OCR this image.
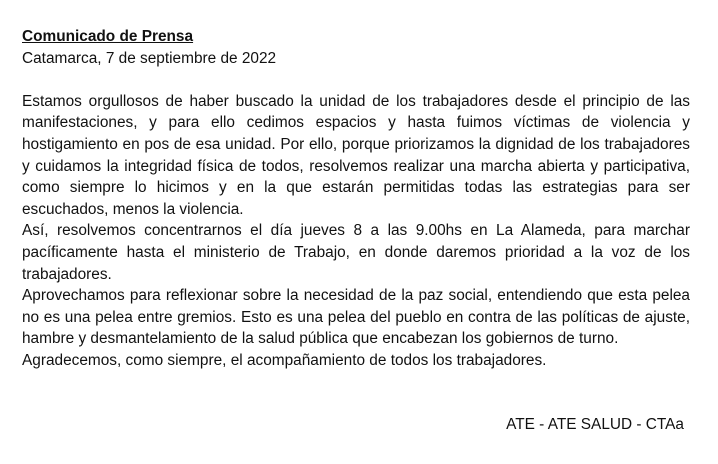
Comunicado de Prensa

Catamarca, 7 de septiembre de 2022

Estamos orgullosos de haber buscado la unidad de los trabajadores desde el principio de las manifestaciones, y para ello cedimos espacios y hasta fuimos víctimas de violencia y hostigamiento en pos de esa unidad. Por ello, porque priorizamos la dignidad de los trabajadores y cuidamos la integridad física de todos, resolvemos realizar una marcha abierta y participativa, como siempre lo hicimos y en la que estarán permitidas todas las estrategias para ser escuchados, menos la violencia.

Así, resolvemos concentrarnos el día jueves 8 a las 9.00hs en La Alameda, para marchar pacíficamente hasta el ministerio de Trabajo, en donde daremos prioridad a la voz de los trabajadores.

Aprovechamos para reflexionar sobre la necesidad de la paz social, entendiendo que esta pelea no es una pelea entre gremios. Esto es una pelea del pueblo en contra de las políticas de ajuste, hambre y desmantelamiento de la salud pública que encabezan los gobiernos de turno.

Agradecemos, como siempre, el acompañamiento de todos los trabajadores.

ATE - ATE SALUD - CTAa
